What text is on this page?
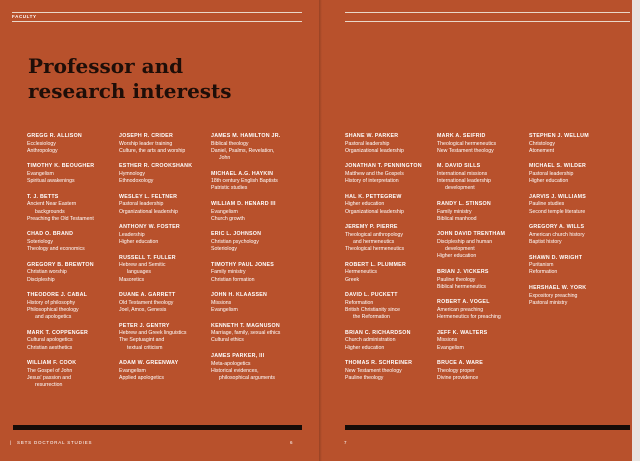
FACULTY
Professor and
research interests
GREGG R. ALLISON
Ecclesiology
Anthropology
TIMOTHY K. BEOUGHER
Evangelism
Spiritual awakenings
T. J. BETTS
Ancient Near Eastern
backgrounds
Preaching the Old Testament
CHAD O. BRAND
Soteriology
Theology and economics
GREGORY B. BREWTON
Christian worship
Discipleship
THEODORE J. CABAL
History of philosophy
Philosophical theology
and apologetics
MARK T. COPPENGER
Cultural apologetics
Christian aesthetics
WILLIAM F. COOK
The Gospel of John
Jesus' passion and
resurrection
JOSEPH R. CRIDER
Worship leader training
Culture, the arts and worship
ESTHER R. CROOKSHANK
Hymnology
Ethnodoxology
WESLEY L. FELTNER
Pastoral leadership
Organizational leadership
ANTHONY W. FOSTER
Leadership
Higher education
RUSSELL T. FULLER
Hebrew and Semitic
languages
Masoretics
DUANE A. GARRETT
Old Testament theology
Joel, Amos, Genesis
PETER J. GENTRY
Hebrew and Greek linguistics
The Septuagint and
textual criticism
ADAM W. GREENWAY
Evangelism
Applied apologetics
JAMES M. HAMILTON JR.
Biblical theology
Daniel, Psalms, Revelation,
John
MICHAEL A.G. HAYKIN
18th century English Baptists
Patristic studies
WILLIAM D. HENARD III
Evangelism
Church growth
ERIC L. JOHNSON
Christian psychology
Soteriology
TIMOTHY PAUL JONES
Family ministry
Christian formation
JOHN H. KLAASSEN
Missions
Evangelism
KENNETH T. MAGNUSON
Marriage, family, sexual ethics
Cultural ethics
JAMES PARKER, III
Meta-apologetics
Historical evidences,
philosophical arguments
SHANE W. PARKER
Pastoral leadership
Organizational leadership
JONATHAN T. PENNINGTON
Matthew and the Gospels
History of interpretation
HAL K. PETTEGREW
Higher education
Organizational leadership
JEREMY P. PIERRE
Theological anthropology
and hermeneutics
Theological hermeneutics
ROBERT L. PLUMMER
Hermeneutics
Greek
DAVID L. PUCKETT
Reformation
British Christianity since
the Reformation
BRIAN C. RICHARDSON
Church administration
Higher education
THOMAS R. SCHREINER
New Testament theology
Pauline theology
MARK A. SEIFRID
Theological hermeneutics
New Testament theology
M. DAVID SILLS
International missions
International leadership
development
RANDY L. STINSON
Family ministry
Biblical manhood
JOHN DAVID TRENTHAM
Discipleship and human
development
Higher education
BRIAN J. VICKERS
Pauline theology
Biblical hermeneutics
ROBERT A. VOGEL
American preaching
Hermeneutics for preaching
JEFF K. WALTERS
Missions
Evangelism
BRUCE A. WARE
Theology proper
Divine providence
STEPHEN J. WELLUM
Christology
Atonement
MICHAEL S. WILDER
Pastoral leadership
Higher education
JARVIS J. WILLIAMS
Pauline studies
Second temple literature
GREGORY A. WILLS
American church history
Baptist history
SHAWN D. WRIGHT
Puritanism
Reformation
HERSHAEL W. YORK
Expository preaching
Pastoral ministry
| SBTS DOCTORAL STUDIES	6	7
